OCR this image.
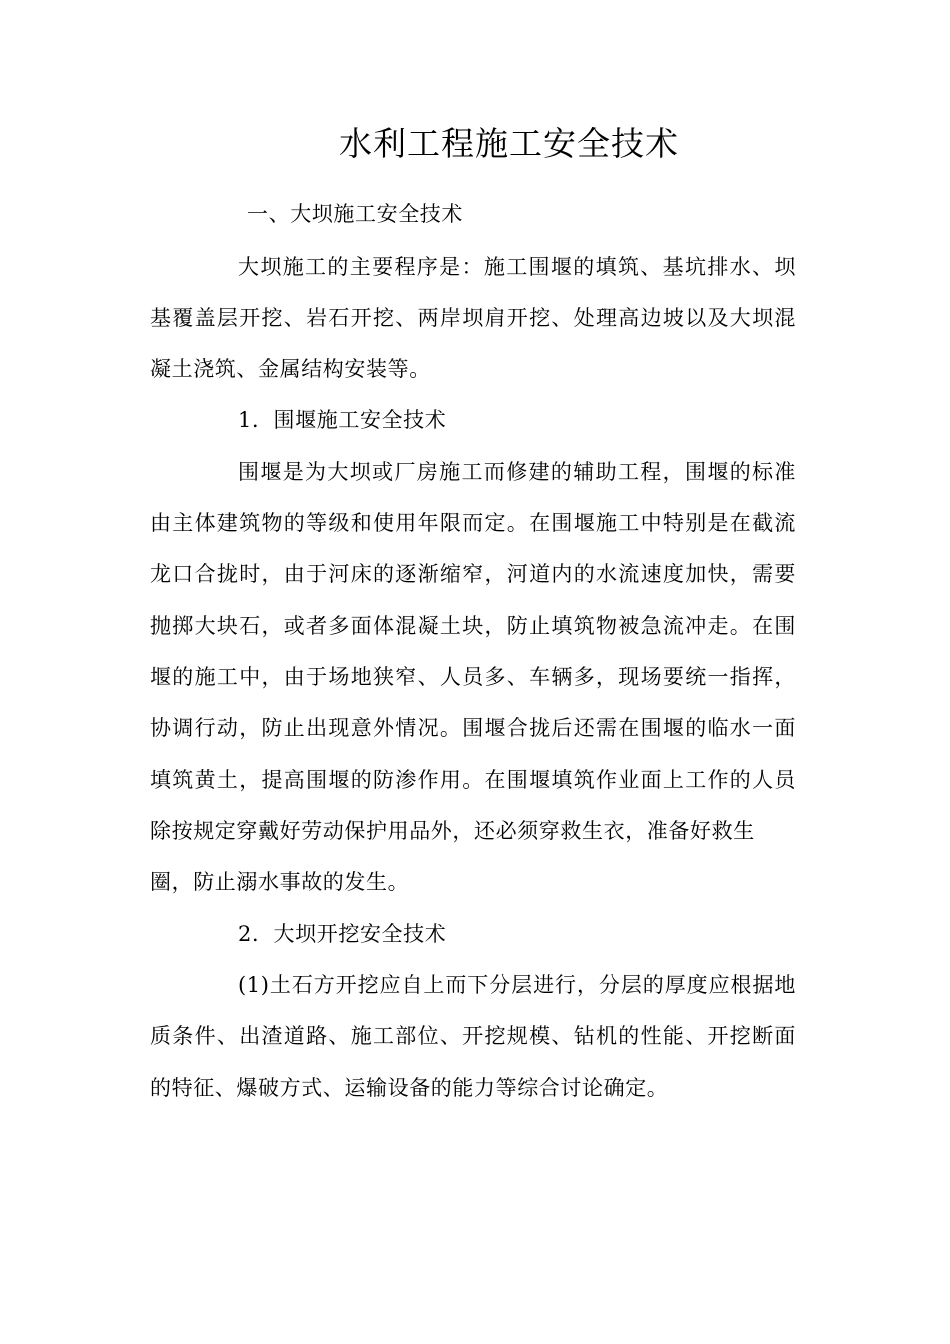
水利工程施工安全技术
一、大坝施工安全技术
大坝施工的主要程序是：施工围堰的填筑、基坑排水、坝
基覆盖层开挖、岩石开挖、两岸坝肩开挖、处理高边坡以及大坝混
凝土浇筑、金属结构安装等。
1．围堰施工安全技术
围堰是为大坝或厂房施工而修建的辅助工程，围堰的标准
由主体建筑物的等级和使用年限而定。在围堰施工中特别是在截流
龙口合拢时，由于河床的逐渐缩窄，河道内的水流速度加快，需要
抛掷大块石，或者多面体混凝土块，防止填筑物被急流冲走。在围
堰的施工中，由于场地狭窄、人员多、车辆多，现场要统一指挥，
协调行动，防止出现意外情况。围堰合拢后还需在围堰的临水一面
填筑黄土，提高围堰的防渗作用。在围堰填筑作业面上工作的人员
除按规定穿戴好劳动保护用品外，还必须穿救生衣，准备好救生
圈，防止溺水事故的发生。
2．大坝开挖安全技术
(1)土石方开挖应自上而下分层进行，分层的厚度应根据地
质条件、出渣道路、施工部位、开挖规模、钻机的性能、开挖断面
的特征、爆破方式、运输设备的能力等综合讨论确定。
